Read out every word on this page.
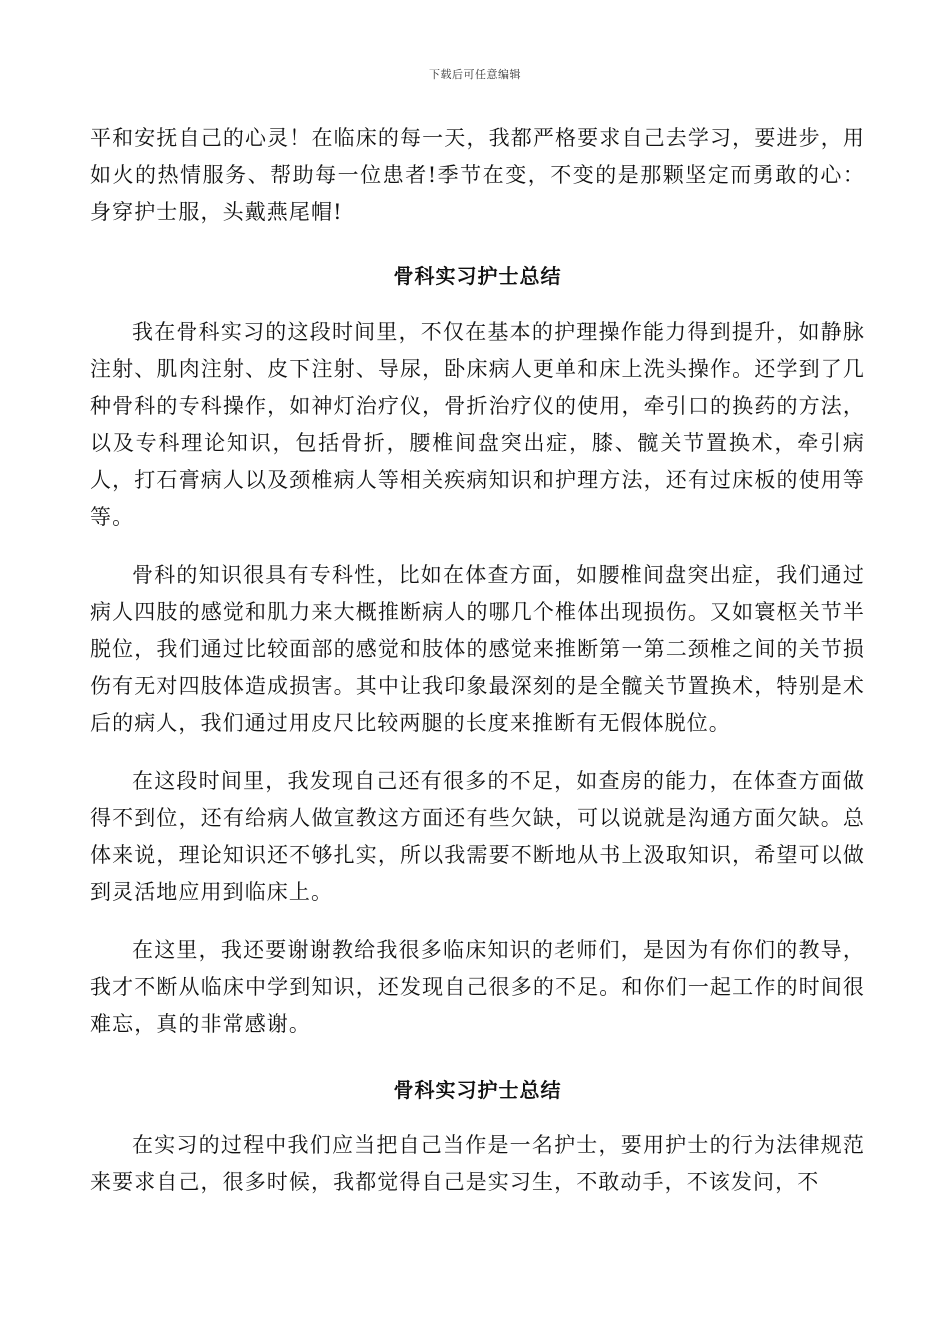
下载后可任意编辑

平和安抚自己的心灵！在临床的每一天，我都严格要求自己去学习，要进步，用如火的热情服务、帮助每一位患者!季节在变，不变的是那颗坚定而勇敢的心：身穿护士服，头戴燕尾帽!

骨科实习护士总结

我在骨科实习的这段时间里，不仅在基本的护理操作能力得到提升，如静脉注射、肌肉注射、皮下注射、导尿，卧床病人更单和床上洗头操作。还学到了几种骨科的专科操作，如神灯治疗仪，骨折治疗仪的使用，牵引口的换药的方法，以及专科理论知识，包括骨折，腰椎间盘突出症，膝、髋关节置换术，牵引病人，打石膏病人以及颈椎病人等相关疾病知识和护理方法，还有过床板的使用等等。

骨科的知识很具有专科性，比如在体查方面，如腰椎间盘突出症，我们通过病人四肢的感觉和肌力来大概推断病人的哪几个椎体出现损伤。又如寰枢关节半脱位，我们通过比较面部的感觉和肢体的感觉来推断第一第二颈椎之间的关节损伤有无对四肢体造成损害。其中让我印象最深刻的是全髋关节置换术，特别是术后的病人，我们通过用皮尺比较两腿的长度来推断有无假体脱位。

在这段时间里，我发现自己还有很多的不足，如查房的能力，在体查方面做得不到位，还有给病人做宣教这方面还有些欠缺，可以说就是沟通方面欠缺。总体来说，理论知识还不够扎实，所以我需要不断地从书上汲取知识，希望可以做到灵活地应用到临床上。

在这里，我还要谢谢教给我很多临床知识的老师们，是因为有你们的教导，我才不断从临床中学到知识，还发现自己很多的不足。和你们一起工作的时间很难忘，真的非常感谢。

骨科实习护士总结

在实习的过程中我们应当把自己当作是一名护士，要用护士的行为法律规范来要求自己，很多时候，我都觉得自己是实习生，不敢动手，不该发问，不
